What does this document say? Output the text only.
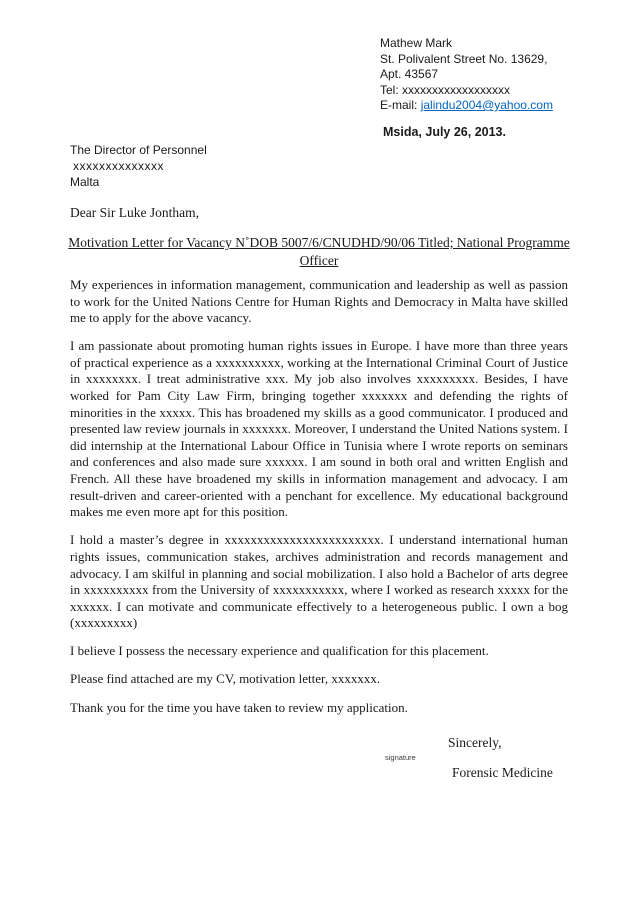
Mathew Mark
St. Polivalent Street No. 13629,
Apt. 43567
Tel: xxxxxxxxxxxxxxxxxx
E-mail: jalindu2004@yahoo.com
Msida, July 26, 2013.
The Director of Personnel
xxxxxxxxxxxxxx
Malta
Dear Sir Luke Jontham,
Motivation Letter for Vacancy N˚DOB 5007/6/CNUDHD/90/06 Titled; National Programme Officer

My experiences in information management, communication and leadership as well as passion to work for the United Nations Centre for Human Rights and Democracy in Malta have skilled me to apply for the above vacancy.

I am passionate about promoting human rights issues in Europe. I have more than three years of practical experience as a xxxxxxxxxx, working at the International Criminal Court of Justice in xxxxxxxx. I treat administrative xxx. My job also involves xxxxxxxxx. Besides, I have worked for Pam City Law Firm, bringing together xxxxxxx and defending the rights of minorities in the xxxxx. This has broadened my skills as a good communicator. I produced and presented law review journals in xxxxxxx. Moreover, I understand the United Nations system. I did internship at the International Labour Office in Tunisia where I wrote reports on seminars and conferences and also made sure xxxxxx. I am sound in both oral and written English and French. All these have broadened my skills in information management and advocacy. I am result-driven and career-oriented with a penchant for excellence. My educational background makes me even more apt for this position.

I hold a master’s degree in xxxxxxxxxxxxxxxxxxxxxxxx. I understand international human rights issues, communication stakes, archives administration and records management and advocacy. I am skilful in planning and social mobilization. I also hold a Bachelor of arts degree in xxxxxxxxxx from the University of xxxxxxxxxxx, where I worked as research xxxxx for the xxxxxx. I can motivate and communicate effectively to a heterogeneous public. I own a bog (xxxxxxxxx)

I believe I possess the necessary experience and qualification for this placement.

Please find attached are my CV, motivation letter, xxxxxxx.

Thank you for the time you have taken to review my application.

Sincerely,
signature
Forensic Medicine
